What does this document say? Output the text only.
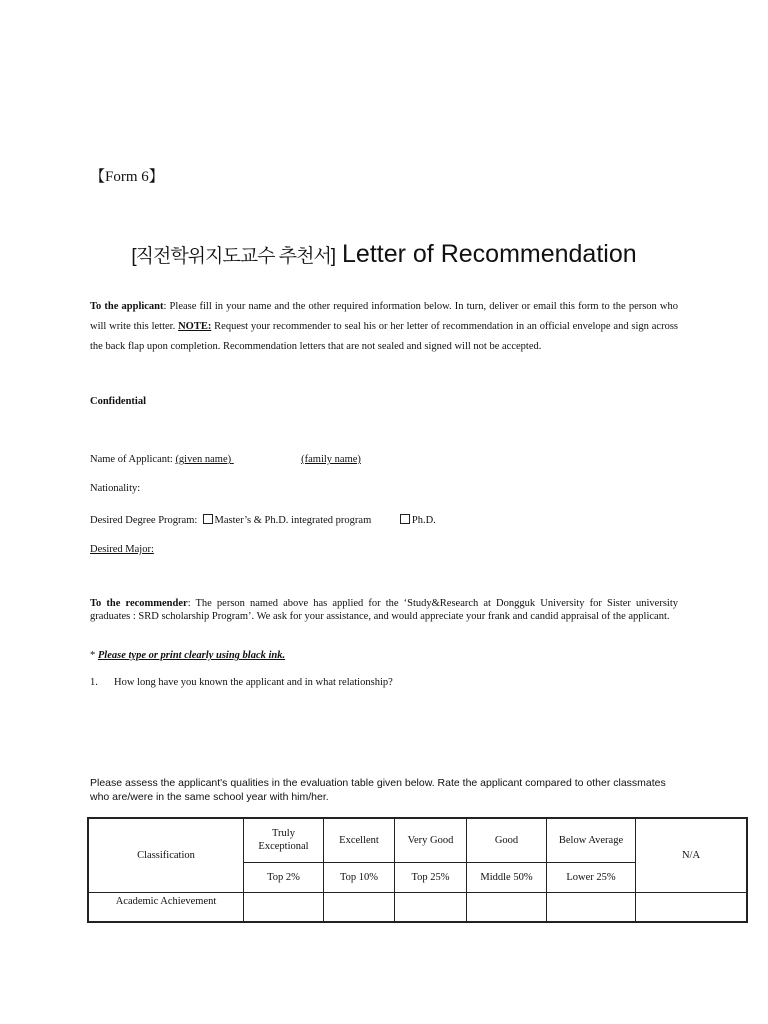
【Form 6】
[직전학위지도교수 추천서] Letter of Recommendation
To the applicant: Please fill in your name and the other required information below. In turn, deliver or email this form to the person who will write this letter. NOTE: Request your recommender to seal his or her letter of recommendation in an official envelope and sign across the back flap upon completion. Recommendation letters that are not sealed and signed will not be accepted.
Confidential
Name of Applicant: (given name)	(family name)
Nationality:
Desired Degree Program: Master’s & Ph.D. integrated program	Ph.D.
Desired Major:
To the recommender: The person named above has applied for the ‘Study&Research at Dongguk University for Sister university graduates : SRD scholarship Program’. We ask for your assistance, and would appreciate your frank and candid appraisal of the applicant.
* Please type or print clearly using black ink.
1. How long have you known the applicant and in what relationship?
Please assess the applicant's qualities in the evaluation table given below. Rate the applicant compared to other classmates who are/were in the same school year with him/her.
Classification	Truly Exceptional	Excellent	Very Good	Good	Below Average	N/A
	Top 2%	Top 10%	Top 25%	Middle 50%	Lower 25%	
Academic Achievement						
